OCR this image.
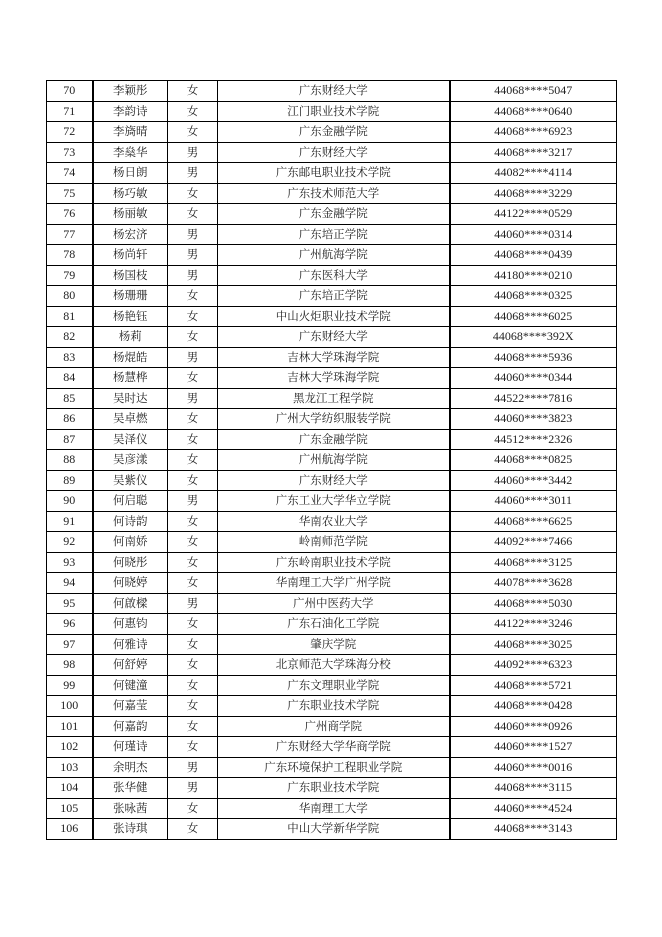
70	李颖彤	女	广东财经大学	44068****5047
71	李韵诗	女	江门职业技术学院	44068****0640
72	李旖晴	女	广东金融学院	44068****6923
73	李燊华	男	广东财经大学	44068****3217
74	杨日朗	男	广东邮电职业技术学院	44082****4114
75	杨巧敏	女	广东技术师范大学	44068****3229
76	杨丽敏	女	广东金融学院	44122****0529
77	杨宏济	男	广东培正学院	44060****0314
78	杨尚轩	男	广州航海学院	44068****0439
79	杨国枝	男	广东医科大学	44180****0210
80	杨珊珊	女	广东培正学院	44068****0325
81	杨艳钰	女	中山火炬职业技术学院	44068****6025
82	杨莉	女	广东财经大学	44068****392X
83	杨焜皓	男	吉林大学珠海学院	44068****5936
84	杨慧桦	女	吉林大学珠海学院	44060****0344
85	吴时达	男	黑龙江工程学院	44522****7816
86	吴卓燃	女	广州大学纺织服装学院	44060****3823
87	吴泽仪	女	广东金融学院	44512****2326
88	吴彦漾	女	广州航海学院	44068****0825
89	吴紫仪	女	广东财经大学	44060****3442
90	何启聪	男	广东工业大学华立学院	44060****3011
91	何诗韵	女	华南农业大学	44068****6625
92	何南娇	女	岭南师范学院	44092****7466
93	何晓彤	女	广东岭南职业技术学院	44068****3125
94	何晓婷	女	华南理工大学广州学院	44078****3628
95	何啟樑	男	广州中医药大学	44068****5030
96	何惠钧	女	广东石油化工学院	44122****3246
97	何雅诗	女	肇庆学院	44068****3025
98	何舒婷	女	北京师范大学珠海分校	44092****6323
99	何键潼	女	广东文理职业学院	44068****5721
100	何嘉莹	女	广东职业技术学院	44068****0428
101	何嘉韵	女	广州商学院	44060****0926
102	何瑾诗	女	广东财经大学华商学院	44060****1527
103	余明杰	男	广东环境保护工程职业学院	44060****0016
104	张华健	男	广东职业技术学院	44068****3115
105	张咏茜	女	华南理工大学	44060****4524
106	张诗琪	女	中山大学新华学院	44068****3143
